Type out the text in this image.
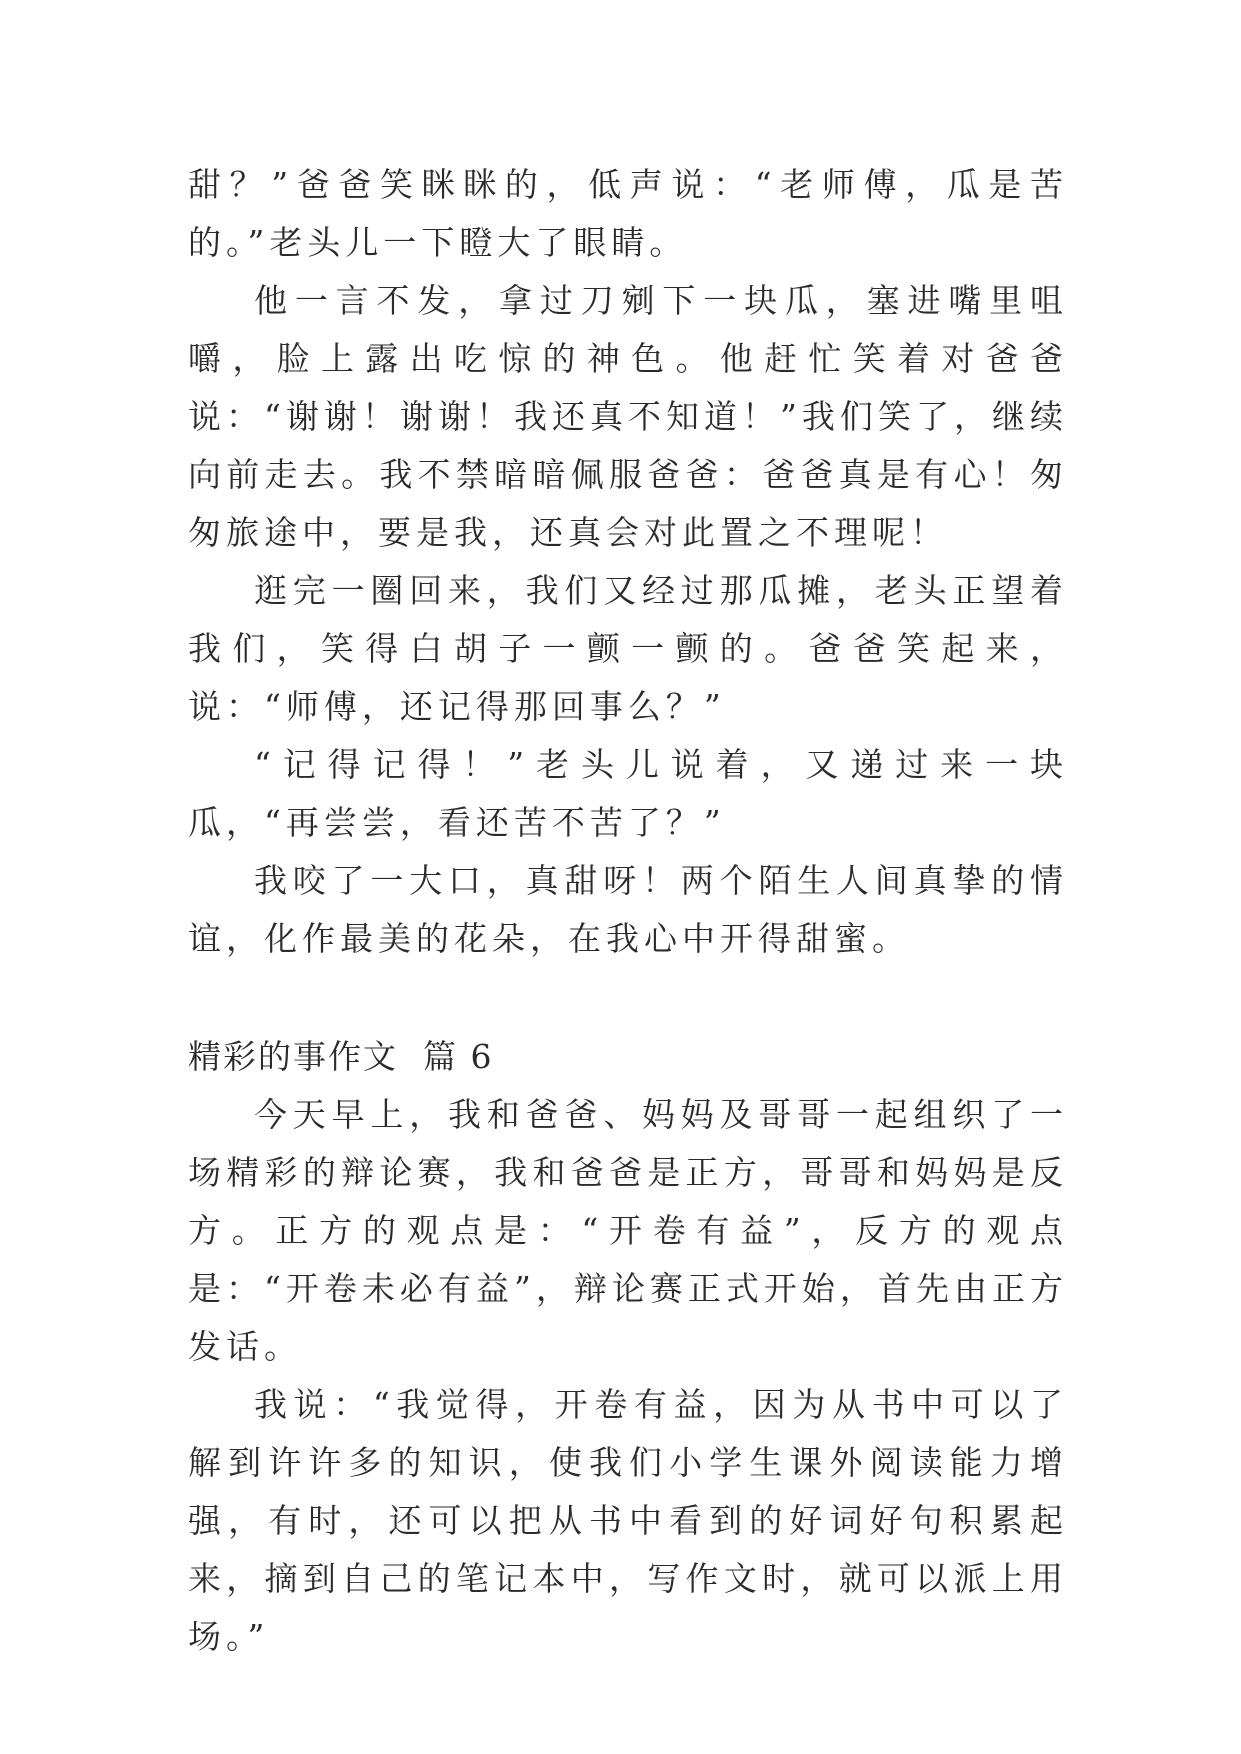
甜？”爸爸笑眯眯的，低声说：“老师傅，瓜是苦的。”老头儿一下瞪大了眼睛。

他一言不发，拿过刀剜下一块瓜，塞进嘴里咀嚼，脸上露出吃惊的神色。他赶忙笑着对爸爸说：“谢谢！谢谢！我还真不知道！”我们笑了，继续向前走去。我不禁暗暗佩服爸爸：爸爸真是有心！匆匆旅途中，要是我，还真会对此置之不理呢！

逛完一圈回来，我们又经过那瓜摊，老头正望着我们，笑得白胡子一颤一颤的。爸爸笑起来，说：“师傅，还记得那回事么？”

“记得记得！”老头儿说着，又递过来一块瓜，“再尝尝，看还苦不苦了？”

我咬了一大口，真甜呀！两个陌生人间真挚的情谊，化作最美的花朵，在我心中开得甜蜜。

精彩的事作文  篇 6

今天早上，我和爸爸、妈妈及哥哥一起组织了一场精彩的辩论赛，我和爸爸是正方，哥哥和妈妈是反方。正方的观点是：“开卷有益”，反方的观点是：“开卷未必有益”，辩论赛正式开始，首先由正方发话。

我说：“我觉得，开卷有益，因为从书中可以了解到许许多的知识，使我们小学生课外阅读能力增强，有时，还可以把从书中看到的好词好句积累起来，摘到自己的笔记本中，写作文时，就可以派上用场。”
